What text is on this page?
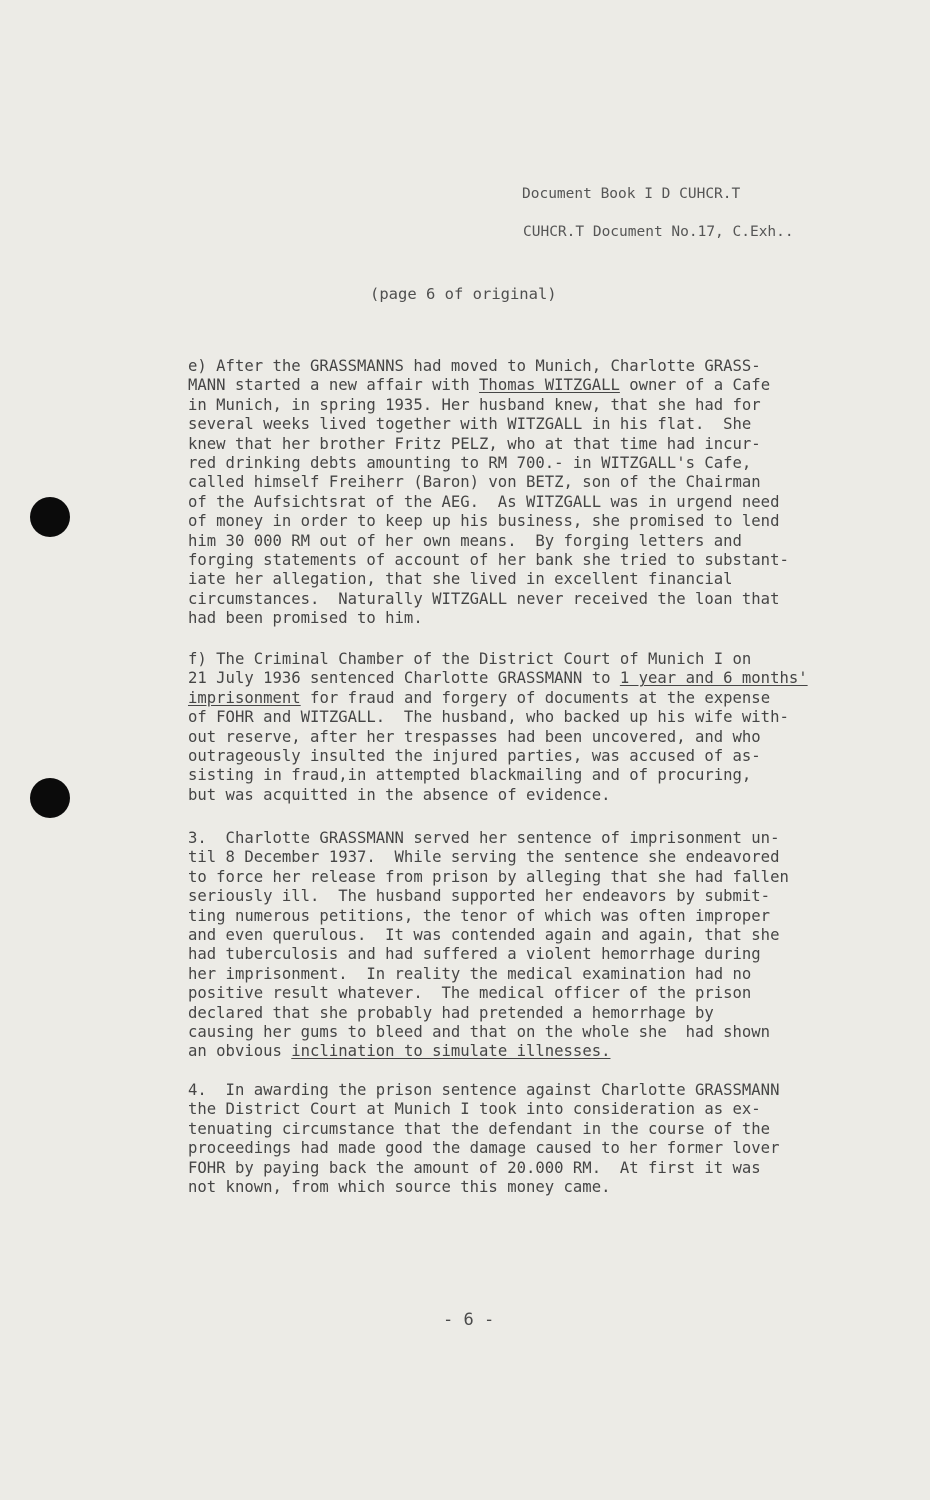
Document Book I D CUHCR.T
CUHCR.T Document No.17, C.Exh..
(page 6 of original)
e) After the GRASSMANNS had moved to Munich, Charlotte GRASS-
MANN started a new affair with Thomas WITZGALL owner of a Cafe
in Munich, in spring 1935. Her husband knew, that she had for
several weeks lived together with WITZGALL in his flat.  She
knew that her brother Fritz PELZ, who at that time had incur-
red drinking debts amounting to RM 700.- in WITZGALL's Cafe,
called himself Freiherr (Baron) von BETZ, son of the Chairman
of the Aufsichtsrat of the AEG.  As WITZGALL was in urgend need
of money in order to keep up his business, she promised to lend
him 30 000 RM out of her own means.  By forging letters and
forging statements of account of her bank she tried to substant-
iate her allegation, that she lived in excellent financial
circumstances.  Naturally WITZGALL never received the loan that
had been promised to him.
f) The Criminal Chamber of the District Court of Munich I on
21 July 1936 sentenced Charlotte GRASSMANN to 1 year and 6 months'
imprisonment for fraud and forgery of documents at the expense
of FOHR and WITZGALL.  The husband, who backed up his wife with-
out reserve, after her trespasses had been uncovered, and who
outrageously insulted the injured parties, was accused of as-
sisting in fraud,in attempted blackmailing and of procuring,
but was acquitted in the absence of evidence.
3.  Charlotte GRASSMANN served her sentence of imprisonment un-
til 8 December 1937.  While serving the sentence she endeavored
to force her release from prison by alleging that she had fallen
seriously ill.  The husband supported her endeavors by submit-
ting numerous petitions, the tenor of which was often improper
and even querulous.  It was contended again and again, that she
had tuberculosis and had suffered a violent hemorrhage during
her imprisonment.  In reality the medical examination had no
positive result whatever.  The medical officer of the prison
declared that she probably had pretended a hemorrhage by
causing her gums to bleed and that on the whole she  had shown
an obvious inclination to simulate illnesses.
4.  In awarding the prison sentence against Charlotte GRASSMANN
the District Court at Munich I took into consideration as ex-
tenuating circumstance that the defendant in the course of the
proceedings had made good the damage caused to her former lover
FOHR by paying back the amount of 20.000 RM.  At first it was
not known, from which source this money came.
- 6 -
